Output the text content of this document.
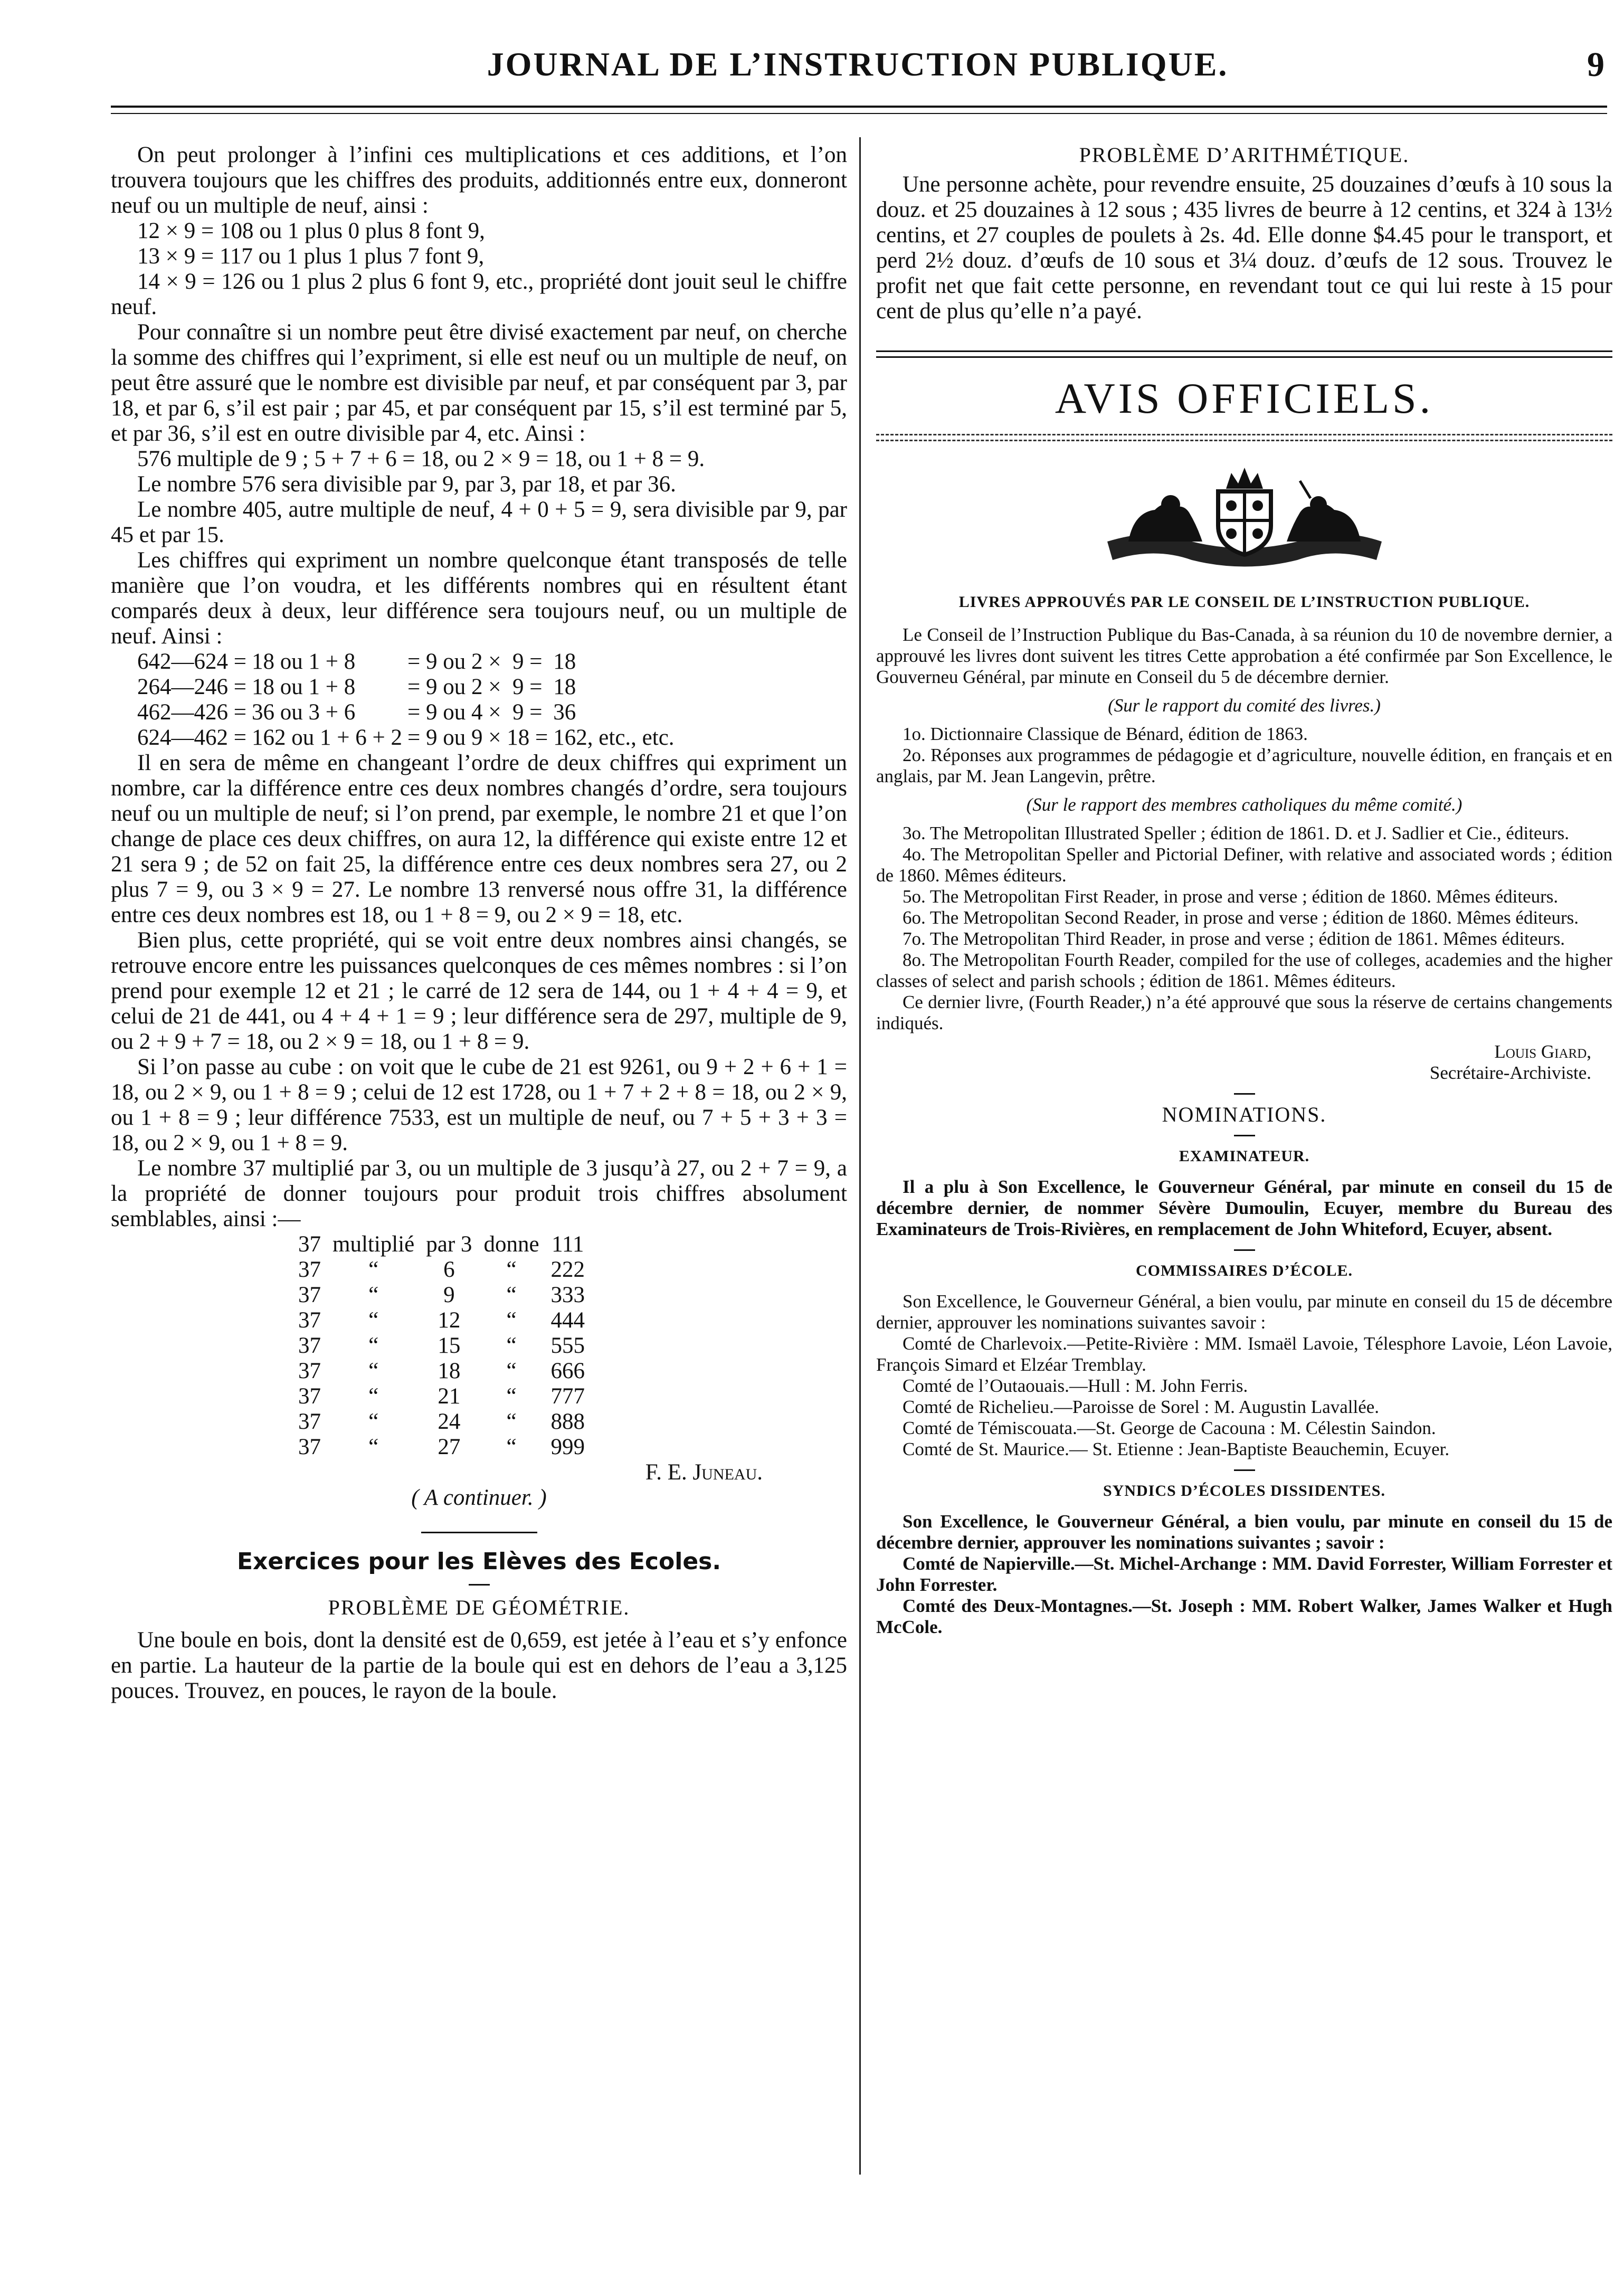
JOURNAL DE L’INSTRUCTION PUBLIQUE.	9

On peut prolonger à l’infini ces multiplications et ces additions, et l’on trouvera toujours que les chiffres des produits, additionnés entre eux, donneront neuf ou un multiple de neuf, ainsi :

12 × 9 = 108 ou 1 plus 0 plus 8 font 9,

13 × 9 = 117 ou 1 plus 1 plus 7 font 9,

14 × 9 = 126 ou 1 plus 2 plus 6 font 9, etc., propriété dont jouit seul le chiffre neuf.

Pour connaître si un nombre peut être divisé exactement par neuf, on cherche la somme des chiffres qui l’expriment, si elle est neuf ou un multiple de neuf, on peut être assuré que le nombre est divisible par neuf, et par conséquent par 3, par 18, et par 6, s’il est pair ; par 45, et par conséquent par 15, s’il est terminé par 5, et par 36, s’il est en outre divisible par 4, etc. Ainsi :

576 multiple de 9 ; 5 + 7 + 6 = 18, ou 2 × 9 = 18, ou 1 + 8 = 9.

Le nombre 576 sera divisible par 9, par 3, par 18, et par 36.

Le nombre 405, autre multiple de neuf, 4 + 0 + 5 = 9, sera divisible par 9, par 45 et par 15.

Les chiffres qui expriment un nombre quelconque étant transposés de telle manière que l’on voudra, et les différents nombres qui en résultent étant comparés deux à deux, leur différence sera toujours neuf, ou un multiple de neuf. Ainsi :

642—624 =	18 ou 1 + 8	= 9 ou 2 ×  9 =	18
264—246 =	18 ou 1 + 8	= 9 ou 2 ×  9 =	18
462—426 =	36 ou 3 + 6	= 9 ou 4 ×  9 =	36
624—462 =	162 ou 1 + 6 + 2	= 9 ou 9 × 18 =	162, etc., etc.

Il en sera de même en changeant l’ordre de deux chiffres qui expriment un nombre, car la différence entre ces deux nombres changés d’ordre, sera toujours neuf ou un multiple de neuf; si l’on prend, par exemple, le nombre 21 et que l’on change de place ces deux chiffres, on aura 12, la différence qui existe entre 12 et 21 sera 9 ; de 52 on fait 25, la différence entre ces deux nombres sera 27, ou 2 plus 7 = 9, ou 3 × 9 = 27. Le nombre 13 renversé nous offre 31, la différence entre ces deux nombres est 18, ou 1 + 8 = 9, ou 2 × 9 = 18, etc.

Bien plus, cette propriété, qui se voit entre deux nombres ainsi changés, se retrouve encore entre les puissances quelconques de ces mêmes nombres : si l’on prend pour exemple 12 et 21 ; le carré de 12 sera de 144, ou 1 + 4 + 4 = 9, et celui de 21 de 441, ou 4 + 4 + 1 = 9 ; leur différence sera de 297, multiple de 9, ou 2 + 9 + 7 = 18, ou 2 × 9 = 18, ou 1 + 8 = 9.

Si l’on passe au cube : on voit que le cube de 21 est 9261, ou 9 + 2 + 6 + 1 = 18, ou 2 × 9, ou 1 + 8 = 9 ; celui de 12 est 1728, ou 1 + 7 + 2 + 8 = 18, ou 2 × 9, ou 1 + 8 = 9 ; leur différence 7533, est un multiple de neuf, ou 7 + 5 + 3 + 3 = 18, ou 2 × 9, ou 1 + 8 = 9.

Le nombre 37 multiplié par 3, ou un multiple de 3 jusqu’à 27, ou 2 + 7 = 9, a la propriété de donner toujours pour produit trois chiffres absolument semblables, ainsi :—

37	multiplié	par 3	donne	111
37	“	6	“	222
37	“	9	“	333
37	“	12	“	444
37	“	15	“	555
37	“	18	“	666
37	“	21	“	777
37	“	24	“	888
37	“	27	“	999

F. E. Juneau.

( A continuer. )

Exercices pour les Elèves des Ecoles.
PROBLÈME DE GÉOMÉTRIE.

Une boule en bois, dont la densité est de 0,659, est jetée à l’eau et s’y enfonce en partie. La hauteur de la partie de la boule qui est en dehors de l’eau a 3,125 pouces. Trouvez, en pouces, le rayon de la boule.

PROBLÈME D’ARITHMÉTIQUE.

Une personne achète, pour revendre ensuite, 25 douzaines d’œufs à 10 sous la douz. et 25 douzaines à 12 sous ; 435 livres de beurre à 12 centins, et 324 à 13½ centins, et 27 couples de poulets à 2s. 4d. Elle donne $4.45 pour le transport, et perd 2½ douz. d’œufs de 10 sous et 3¼ douz. d’œufs de 12 sous. Trouvez le profit net que fait cette personne, en revendant tout ce qui lui reste à 15 pour cent de plus qu’elle n’a payé.

AVIS OFFICIELS.
LIVRES APPROUVÉS PAR LE CONSEIL DE L’INSTRUCTION PUBLIQUE.

Le Conseil de l’Instruction Publique du Bas-Canada, à sa réunion du 10 de novembre dernier, a approuvé les livres dont suivent les titres Cette approbation a été confirmée par Son Excellence, le Gouverneu Général, par minute en Conseil du 5 de décembre dernier.

(Sur le rapport du comité des livres.)

1o. Dictionnaire Classique de Bénard, édition de 1863.

2o. Réponses aux programmes de pédagogie et d’agriculture, nouvelle édition, en français et en anglais, par M. Jean Langevin, prêtre.

(Sur le rapport des membres catholiques du même comité.)

3o. The Metropolitan Illustrated Speller ; édition de 1861. D. et J. Sadlier et Cie., éditeurs.

4o. The Metropolitan Speller and Pictorial Definer, with relative and associated words ; édition de 1860. Mêmes éditeurs.

5o. The Metropolitan First Reader, in prose and verse ; édition de 1860. Mêmes éditeurs.

6o. The Metropolitan Second Reader, in prose and verse ; édition de 1860. Mêmes éditeurs.

7o. The Metropolitan Third Reader, in prose and verse ; édition de 1861. Mêmes éditeurs.

8o. The Metropolitan Fourth Reader, compiled for the use of colleges, academies and the higher classes of select and parish schools ; édition de 1861. Mêmes éditeurs.

Ce dernier livre, (Fourth Reader,) n’a été approuvé que sous la réserve de certains changements indiqués.

Louis Giard,

Secrétaire-Archiviste.

NOMINATIONS.
EXAMINATEUR.

Il a plu à Son Excellence, le Gouverneur Général, par minute en conseil du 15 de décembre dernier, de nommer Sévère Dumoulin, Ecuyer, membre du Bureau des Examinateurs de Trois-Rivières, en remplacement de John Whiteford, Ecuyer, absent.

COMMISSAIRES D’ÉCOLE.

Son Excellence, le Gouverneur Général, a bien voulu, par minute en conseil du 15 de décembre dernier, approuver les nominations suivantes savoir :

Comté de Charlevoix.—Petite-Rivière : MM. Ismaël Lavoie, Télesphore Lavoie, Léon Lavoie, François Simard et Elzéar Tremblay.

Comté de l’Outaouais.—Hull : M. John Ferris.

Comté de Richelieu.—Paroisse de Sorel : M. Augustin Lavallée.

Comté de Témiscouata.—St. George de Cacouna : M. Célestin Saindon.

Comté de St. Maurice.— St. Etienne : Jean-Baptiste Beauchemin, Ecuyer.

SYNDICS D’ÉCOLES DISSIDENTES.

Son Excellence, le Gouverneur Général, a bien voulu, par minute en conseil du 15 de décembre dernier, approuver les nominations suivantes ; savoir :

Comté de Napierville.—St. Michel-Archange : MM. David Forrester, William Forrester et John Forrester.

Comté des Deux-Montagnes.—St. Joseph : MM. Robert Walker, James Walker et Hugh McCole.
